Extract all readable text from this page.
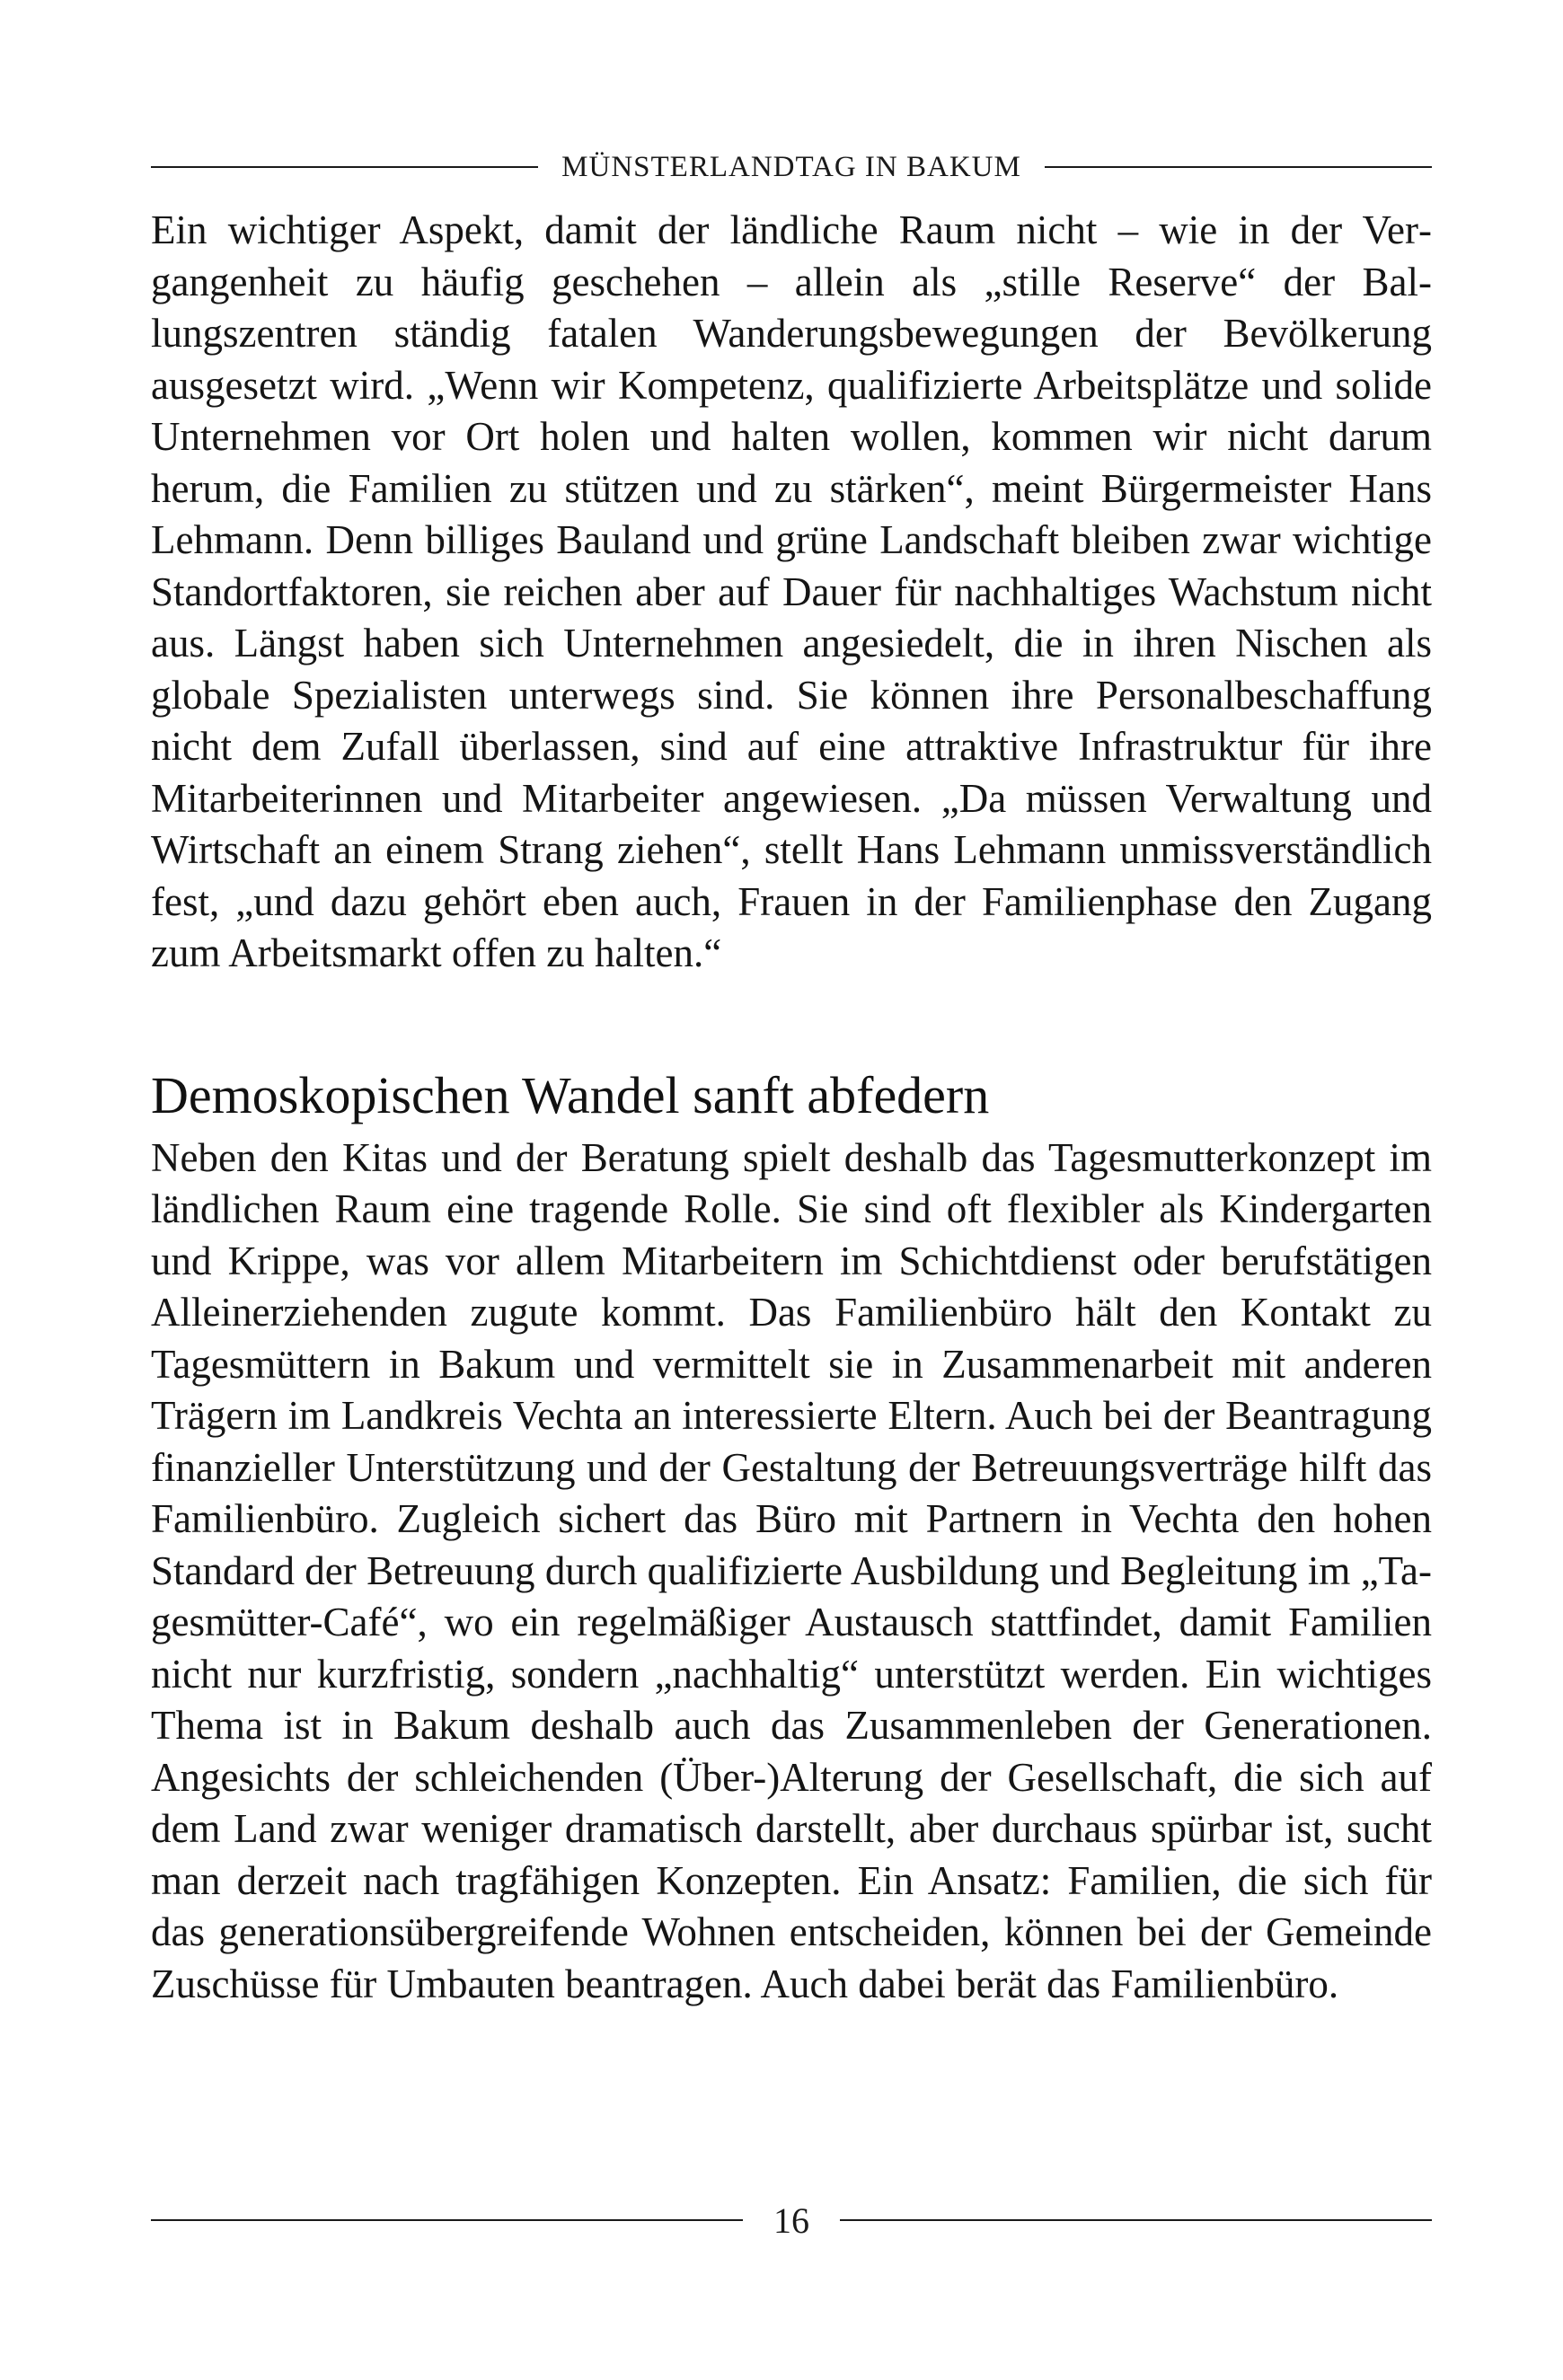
MÜNSTERLANDTAG IN BAKUM

Ein wichtiger Aspekt, damit der ländliche Raum nicht – wie in der Vergangenheit zu häufig geschehen – allein als „stille Reserve“ der Ballungszentren ständig fatalen Wanderungsbewegungen der Bevölkerung ausgesetzt wird. „Wenn wir Kompetenz, qualifizierte Arbeitsplätze und solide Unternehmen vor Ort holen und halten wollen, kommen wir nicht darum herum, die Familien zu stützen und zu stärken“, meint Bürgermeister Hans Lehmann. Denn billiges Bauland und grüne Landschaft bleiben zwar wichtige Standortfaktoren, sie reichen aber auf Dauer für nachhaltiges Wachstum nicht aus. Längst haben sich Unternehmen angesiedelt, die in ihren Nischen als globale Spezialisten unterwegs sind. Sie können ihre Personalbeschaffung nicht dem Zufall überlassen, sind auf eine attraktive Infrastruktur für ihre Mitarbeiterinnen und Mitarbeiter angewiesen. „Da müssen Verwaltung und Wirtschaft an einem Strang ziehen“, stellt Hans Lehmann unmissverständlich fest, „und dazu gehört eben auch, Frauen in der Familienphase den Zugang zum Arbeitsmarkt offen zu halten.“

Demoskopischen Wandel sanft abfedern

Neben den Kitas und der Beratung spielt deshalb das Tagesmutterkonzept im ländlichen Raum eine tragende Rolle. Sie sind oft flexibler als Kindergarten und Krippe, was vor allem Mitarbeitern im Schichtdienst oder berufstätigen Alleinerziehenden zugute kommt. Das Familienbüro hält den Kontakt zu Tagesmüttern in Bakum und vermittelt sie in Zusammenarbeit mit anderen Trägern im Landkreis Vechta an interessierte Eltern. Auch bei der Beantragung finanzieller Unterstützung und der Gestaltung der Betreuungsverträge hilft das Familienbüro. Zugleich sichert das Büro mit Partnern in Vechta den hohen Standard der Betreuung durch qualifizierte Ausbildung und Begleitung im „Tagesmütter-Café“, wo ein regelmäßiger Austausch stattfindet, damit Familien nicht nur kurzfristig, sondern „nachhaltig“ unterstützt werden. Ein wichtiges Thema ist in Bakum deshalb auch das Zusammenleben der Generationen. Angesichts der schleichenden (Über-)Alterung der Gesellschaft, die sich auf dem Land zwar weniger dramatisch darstellt, aber durchaus spürbar ist, sucht man derzeit nach tragfähigen Konzepten. Ein Ansatz: Familien, die sich für das generationsübergreifende Wohnen entscheiden, können bei der Gemeinde Zuschüsse für Umbauten beantragen. Auch dabei berät das Familienbüro.

16
